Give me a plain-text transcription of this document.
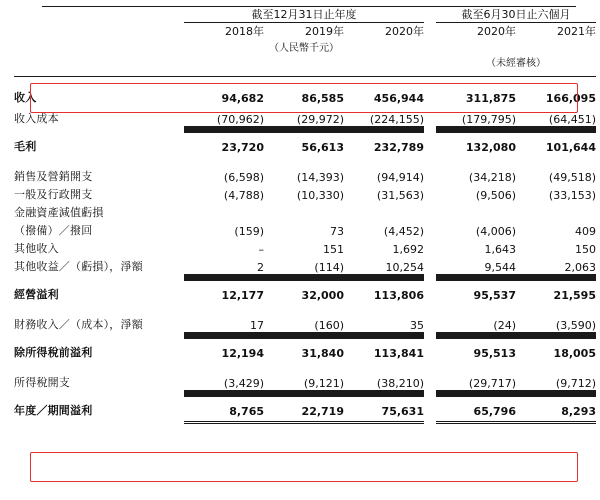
	截至12月31日止年度				截至6月30日止六個月	
	2018年	2019年	2020年		2020年	2021年
	（人民幣千元）					
					（未經審核）	

收入	94,682	86,585	456,944		311,875	166,095
收入成本	(70,962)	(29,972)	(224,155)		(179,795)	(64,451)

毛利	23,720	56,613	232,789		132,080	101,644

銷售及營銷開支	(6,598)	(14,393)	(94,914)		(34,218)	(49,518)
一般及行政開支	(4,788)	(10,330)	(31,563)		(9,506)	(33,153)
金融資產減值虧損						
（撥備）／撥回	(159)	73	(4,452)		(4,006)	409
其他收入	–	151	1,692		1,643	150
其他收益／（虧損），淨額	2	(114)	10,254		9,544	2,063

經營溢利	12,177	32,000	113,806		95,537	21,595

財務收入／（成本），淨額	17	(160)	35		(24)	(3,590)

除所得稅前溢利	12,194	31,840	113,841		95,513	18,005

所得稅開支	(3,429)	(9,121)	(38,210)		(29,717)	(9,712)

年度／期間溢利	8,765	22,719	75,631		65,796	8,293
